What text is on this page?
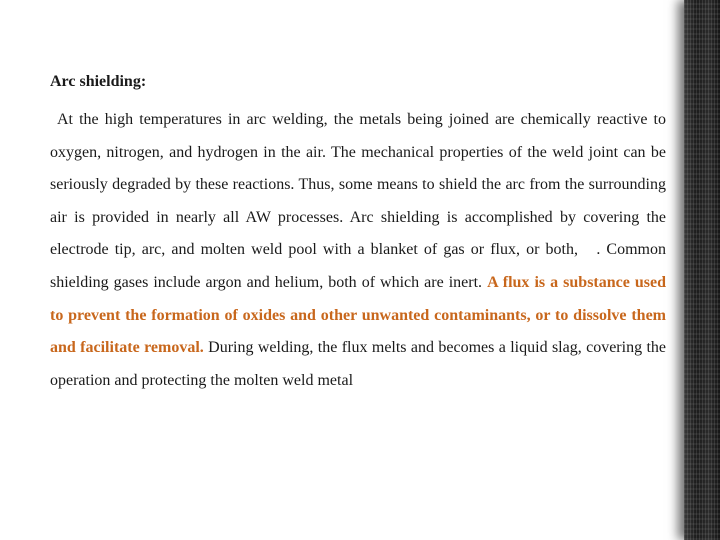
Arc shielding:

At the high temperatures in arc welding, the metals being joined are chemically reactive to oxygen, nitrogen, and hydrogen in the air. The mechanical properties of the weld joint can be seriously degraded by these reactions. Thus, some means to shield the arc from the surrounding air is provided in nearly all AW processes. Arc shielding is accomplished by covering the electrode tip, arc, and molten weld pool with a blanket of gas or flux, or both,   . Common shielding gases include argon and helium, both of which are inert. A flux is a substance used to prevent the formation of oxides and other unwanted contaminants, or to dissolve them and facilitate removal. During welding, the flux melts and becomes a liquid slag, covering the operation and protecting the molten weld metal
